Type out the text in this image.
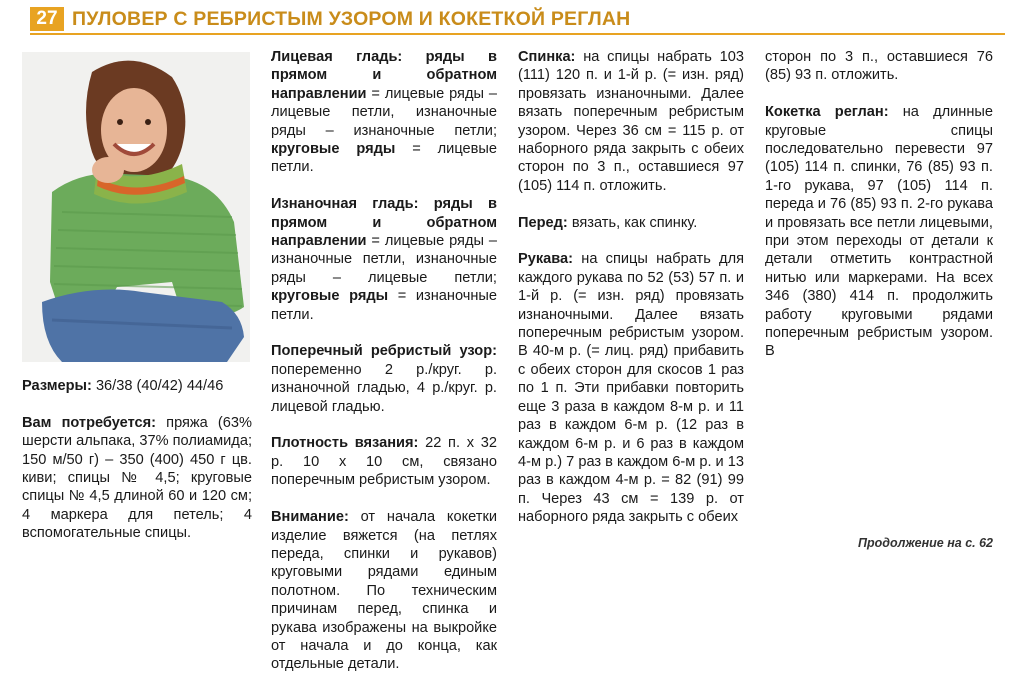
27 ПУЛОВЕР С РЕБРИСТЫМ УЗОРОМ И КОКЕТКОЙ РЕГЛАН

Размеры: 36/38 (40/42) 44/46

Вам потребуется: пряжа (63% шерсти альпака, 37% полиамида; 150 м/50 г) – 350 (400) 450 г цв. киви; спицы № 4,5; круговые спицы № 4,5 длиной 60 и 120 см; 4 маркера для петель; 4 вспомогательные спицы.

Лицевая гладь: ряды в прямом и обратном направлении = лицевые ряды – лицевые петли, изнаночные ряды – изнаночные петли; круговые ряды = лицевые петли.

Изнаночная гладь: ряды в прямом и обратном направлении = лицевые ряды – изнаночные петли, изнаночные ряды – лицевые петли; круговые ряды = изнаночные петли.

Поперечный ребристый узор: попеременно 2 р./круг. р. изнаночной гладью, 4 р./круг. р. лицевой гладью.

Плотность вязания: 22 п. х 32 р. 10 х 10 см, связано поперечным ребристым узором.

Внимание: от начала кокетки изделие вяжется (на петлях переда, спинки и рукавов) круговыми рядами единым полотном. По техническим причинам перед, спинка и рукава изображены на выкройке от начала и до конца, как отдельные детали.

Спинка: на спицы набрать 103 (111) 120 п. и 1-й р. (= изн. ряд) провязать изнаночными. Далее вязать поперечным ребристым узором. Через 36 см = 115 р. от наборного ряда закрыть с обеих сторон по 3 п., оставшиеся 97 (105) 114 п. отложить.

Перед: вязать, как спинку.

Рукава: на спицы набрать для каждого рукава по 52 (53) 57 п. и 1-й р. (= изн. ряд) провязать изнаночными. Далее вязать поперечным ребристым узором. В 40-м р. (= лиц. ряд) прибавить с обеих сторон для скосов 1 раз по 1 п. Эти прибавки повторить еще 3 раза в каждом 8-м р. и 11 раз в каждом 6-м р. (12 раз в каждом 6-м р. и 6 раз в каждом 4-м р.) 7 раз в каждом 6-м р. и 13 раз в каждом 4-м р. = 82 (91) 99 п. Через 43 см = 139 р. от наборного ряда закрыть с обеих

сторон по 3 п., оставшиеся 76 (85) 93 п. отложить.

Кокетка реглан: на длинные круговые спицы последовательно перевести 97 (105) 114 п. спинки, 76 (85) 93 п. 1-го рукава, 97 (105) 114 п. переда и 76 (85) 93 п. 2-го рукава и провязать все петли лицевыми, при этом переходы от детали к детали отметить контрастной нитью или маркерами. На всех 346 (380) 414 п. продолжить работу круговыми рядами поперечным ребристым узором. В

Продолжение на с. 62
